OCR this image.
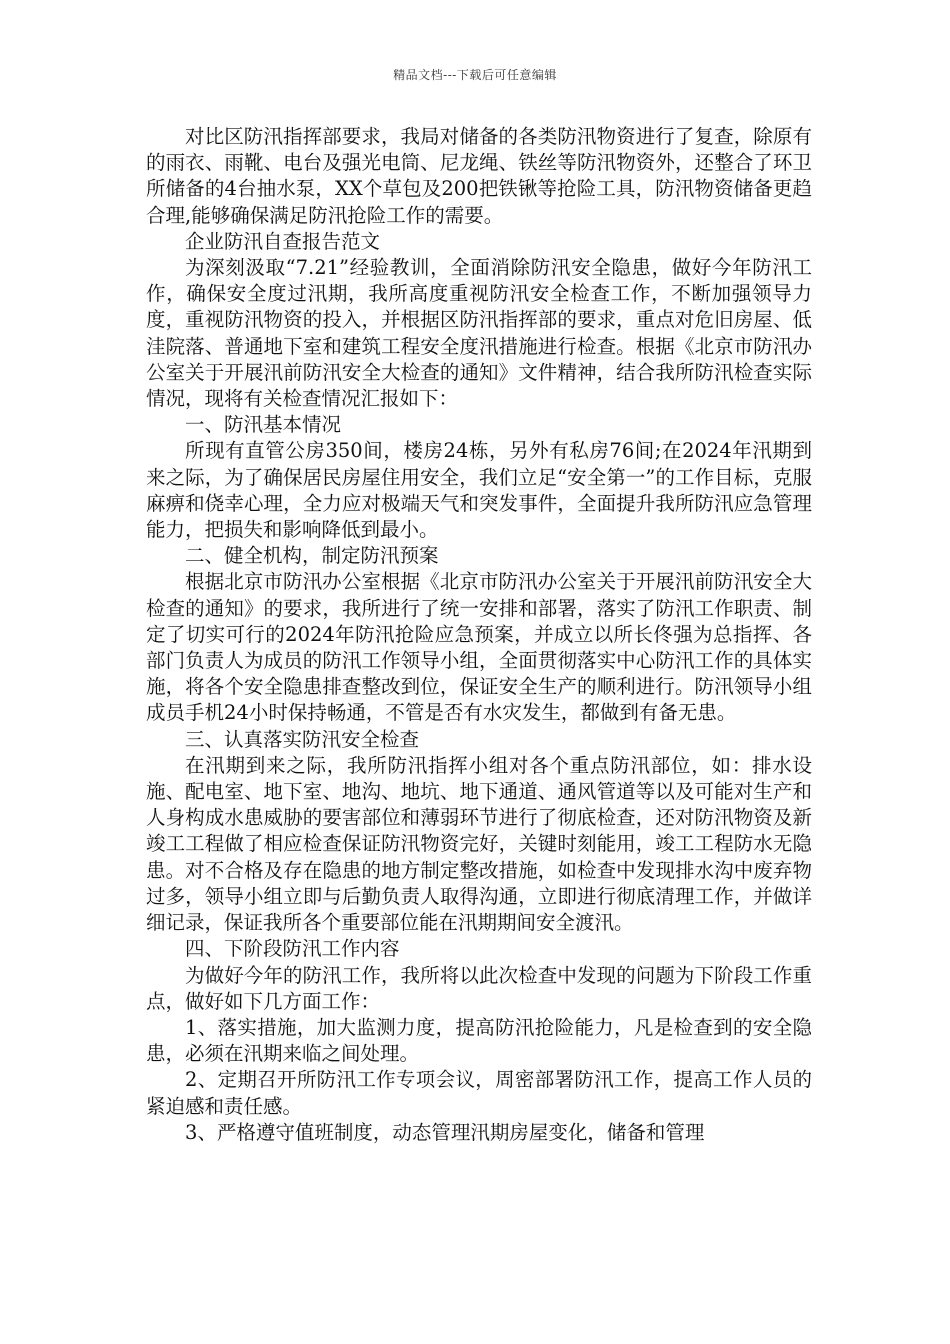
精品文档---下载后可任意编辑

对比区防汛指挥部要求，我局对储备的各类防汛物资进行了复查，除原有的雨衣、雨靴、电台及强光电筒、尼龙绳、铁丝等防汛物资外，还整合了环卫所储备的4台抽水泵，XX个草包及200把铁锹等抢险工具，防汛物资储备更趋合理,能够确保满足防汛抢险工作的需要。

企业防汛自查报告范文

为深刻汲取“7.21”经验教训，全面消除防汛安全隐患，做好今年防汛工作，确保安全度过汛期，我所高度重视防汛安全检查工作，不断加强领导力度，重视防汛物资的投入，并根据区防汛指挥部的要求，重点对危旧房屋、低洼院落、普通地下室和建筑工程安全度汛措施进行检查。根据《北京市防汛办公室关于开展汛前防汛安全大检查的通知》文件精神，结合我所防汛检查实际情况，现将有关检查情况汇报如下：

一、防汛基本情况

所现有直管公房350间，楼房24栋，另外有私房76间;在2024年汛期到来之际，为了确保居民房屋住用安全，我们立足“安全第一”的工作目标，克服麻痹和侥幸心理，全力应对极端天气和突发事件，全面提升我所防汛应急管理能力，把损失和影响降低到最小。

二、健全机构，制定防汛预案

根据北京市防汛办公室根据《北京市防汛办公室关于开展汛前防汛安全大检查的通知》的要求，我所进行了统一安排和部署，落实了防汛工作职责、制定了切实可行的2024年防汛抢险应急预案，并成立以所长佟强为总指挥、各部门负责人为成员的防汛工作领导小组，全面贯彻落实中心防汛工作的具体实施，将各个安全隐患排查整改到位，保证安全生产的顺利进行。防汛领导小组成员手机24小时保持畅通，不管是否有水灾发生，都做到有备无患。

三、认真落实防汛安全检查

在汛期到来之际，我所防汛指挥小组对各个重点防汛部位，如：排水设施、配电室、地下室、地沟、地坑、地下通道、通风管道等以及可能对生产和人身构成水患威胁的要害部位和薄弱环节进行了彻底检查，还对防汛物资及新竣工工程做了相应检查保证防汛物资完好，关键时刻能用，竣工工程防水无隐患。对不合格及存在隐患的地方制定整改措施，如检查中发现排水沟中废弃物过多，领导小组立即与后勤负责人取得沟通，立即进行彻底清理工作，并做详细记录，保证我所各个重要部位能在汛期期间安全渡汛。

四、下阶段防汛工作内容

为做好今年的防汛工作，我所将以此次检查中发现的问题为下阶段工作重点，做好如下几方面工作：

1、落实措施，加大监测力度，提高防汛抢险能力，凡是检查到的安全隐患，必须在汛期来临之间处理。

2、定期召开所防汛工作专项会议，周密部署防汛工作，提高工作人员的紧迫感和责任感。

3、严格遵守值班制度，动态管理汛期房屋变化，储备和管理
